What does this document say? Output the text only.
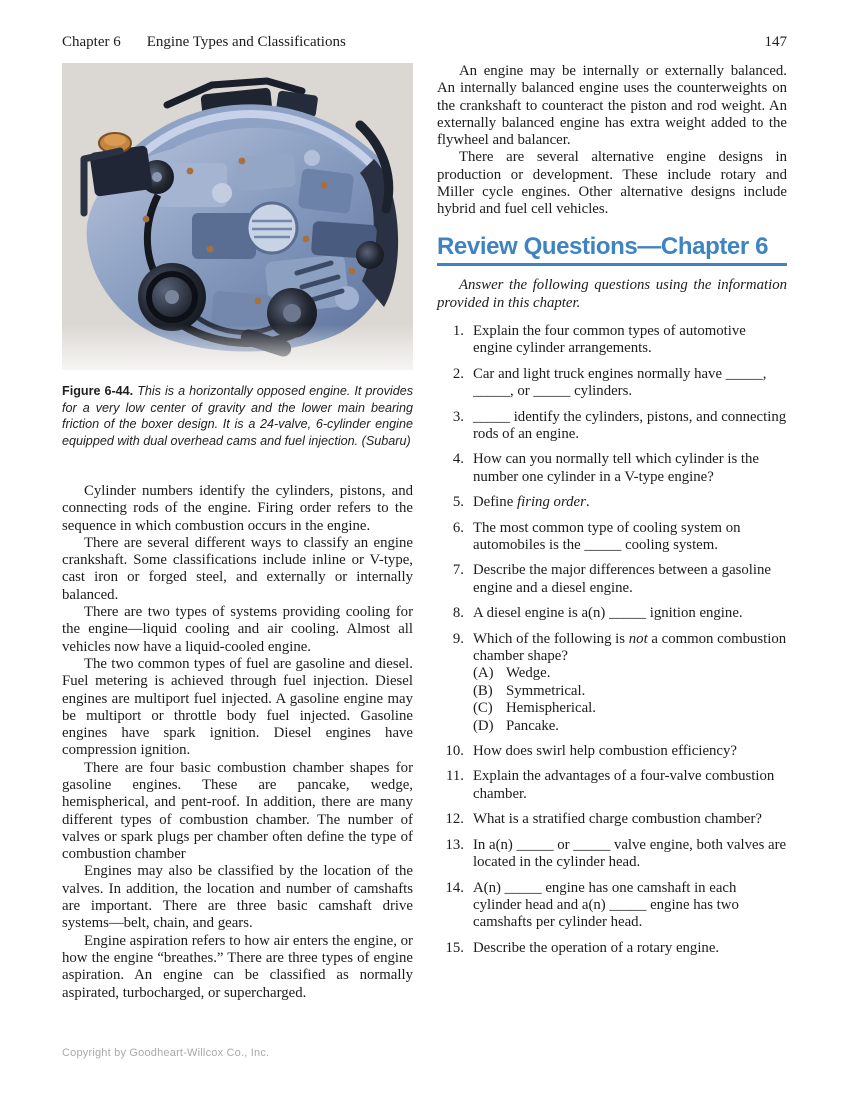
Chapter 6 Engine Types and Classifications	147
Figure 6-44. This is a horizontally opposed engine. It provides for a very low center of gravity and the lower main bearing friction of the boxer design. It is a 24-valve, 6-cylinder engine equipped with dual overhead cams and fuel injection. (Subaru)

Cylinder numbers identify the cylinders, pistons, and connecting rods of the engine. Firing order refers to the sequence in which combustion occurs in the engine.

There are several different ways to classify an engine crankshaft. Some classifications include inline or V-type, cast iron or forged steel, and externally or internally balanced.

There are two types of systems providing cooling for the engine—liquid cooling and air cooling. Almost all vehicles now have a liquid-cooled engine.

The two common types of fuel are gasoline and diesel. Fuel metering is achieved through fuel injection. Diesel engines are multiport fuel injected. A gasoline engine may be multiport or throttle body fuel injected. Gasoline engines have spark ignition. Diesel engines have compression ignition.

There are four basic combustion chamber shapes for gasoline engines. These are pancake, wedge, hemispherical, and pent-roof. In addition, there are many different types of combustion chamber. The number of valves or spark plugs per chamber often define the type of combustion chamber

Engines may also be classified by the location of the valves. In addition, the location and number of camshafts are important. There are three basic camshaft drive systems—belt, chain, and gears.

Engine aspiration refers to how air enters the engine, or how the engine “breathes.” There are three types of engine aspiration. An engine can be classified as normally aspirated, turbocharged, or supercharged.

An engine may be internally or externally balanced. An internally balanced engine uses the counterweights on the crankshaft to counteract the piston and rod weight. An externally balanced engine has extra weight added to the flywheel and balancer.

There are several alternative engine designs in production or development. These include rotary and Miller cycle engines. Other alternative designs include hybrid and fuel cell vehicles.

Review Questions—Chapter 6

Answer the following questions using the information provided in this chapter.

1. Explain the four common types of automotive engine cylinder arrangements.
2. Car and light truck engines normally have _____, _____, or _____ cylinders.
3. _____ identify the cylinders, pistons, and connecting rods of an engine.
4. How can you normally tell which cylinder is the number one cylinder in a V-type engine?
5. Define firing order.
6. The most common type of cooling system on automobiles is the _____ cooling system.
7. Describe the major differences between a gasoline engine and a diesel engine.
8. A diesel engine is a(n) _____ ignition engine.
9. Which of the following is not a common combustion chamber shape?
(A) Wedge.
(B) Symmetrical.
(C) Hemispherical.
(D) Pancake.
10. How does swirl help combustion efficiency?
11. Explain the advantages of a four-valve combustion chamber.
12. What is a stratified charge combustion chamber?
13. In a(n) _____ or _____ valve engine, both valves are located in the cylinder head.
14. A(n) _____ engine has one camshaft in each cylinder head and a(n) _____ engine has two camshafts per cylinder head.
15. Describe the operation of a rotary engine.
Copyright by Goodheart-Willcox Co., Inc.
